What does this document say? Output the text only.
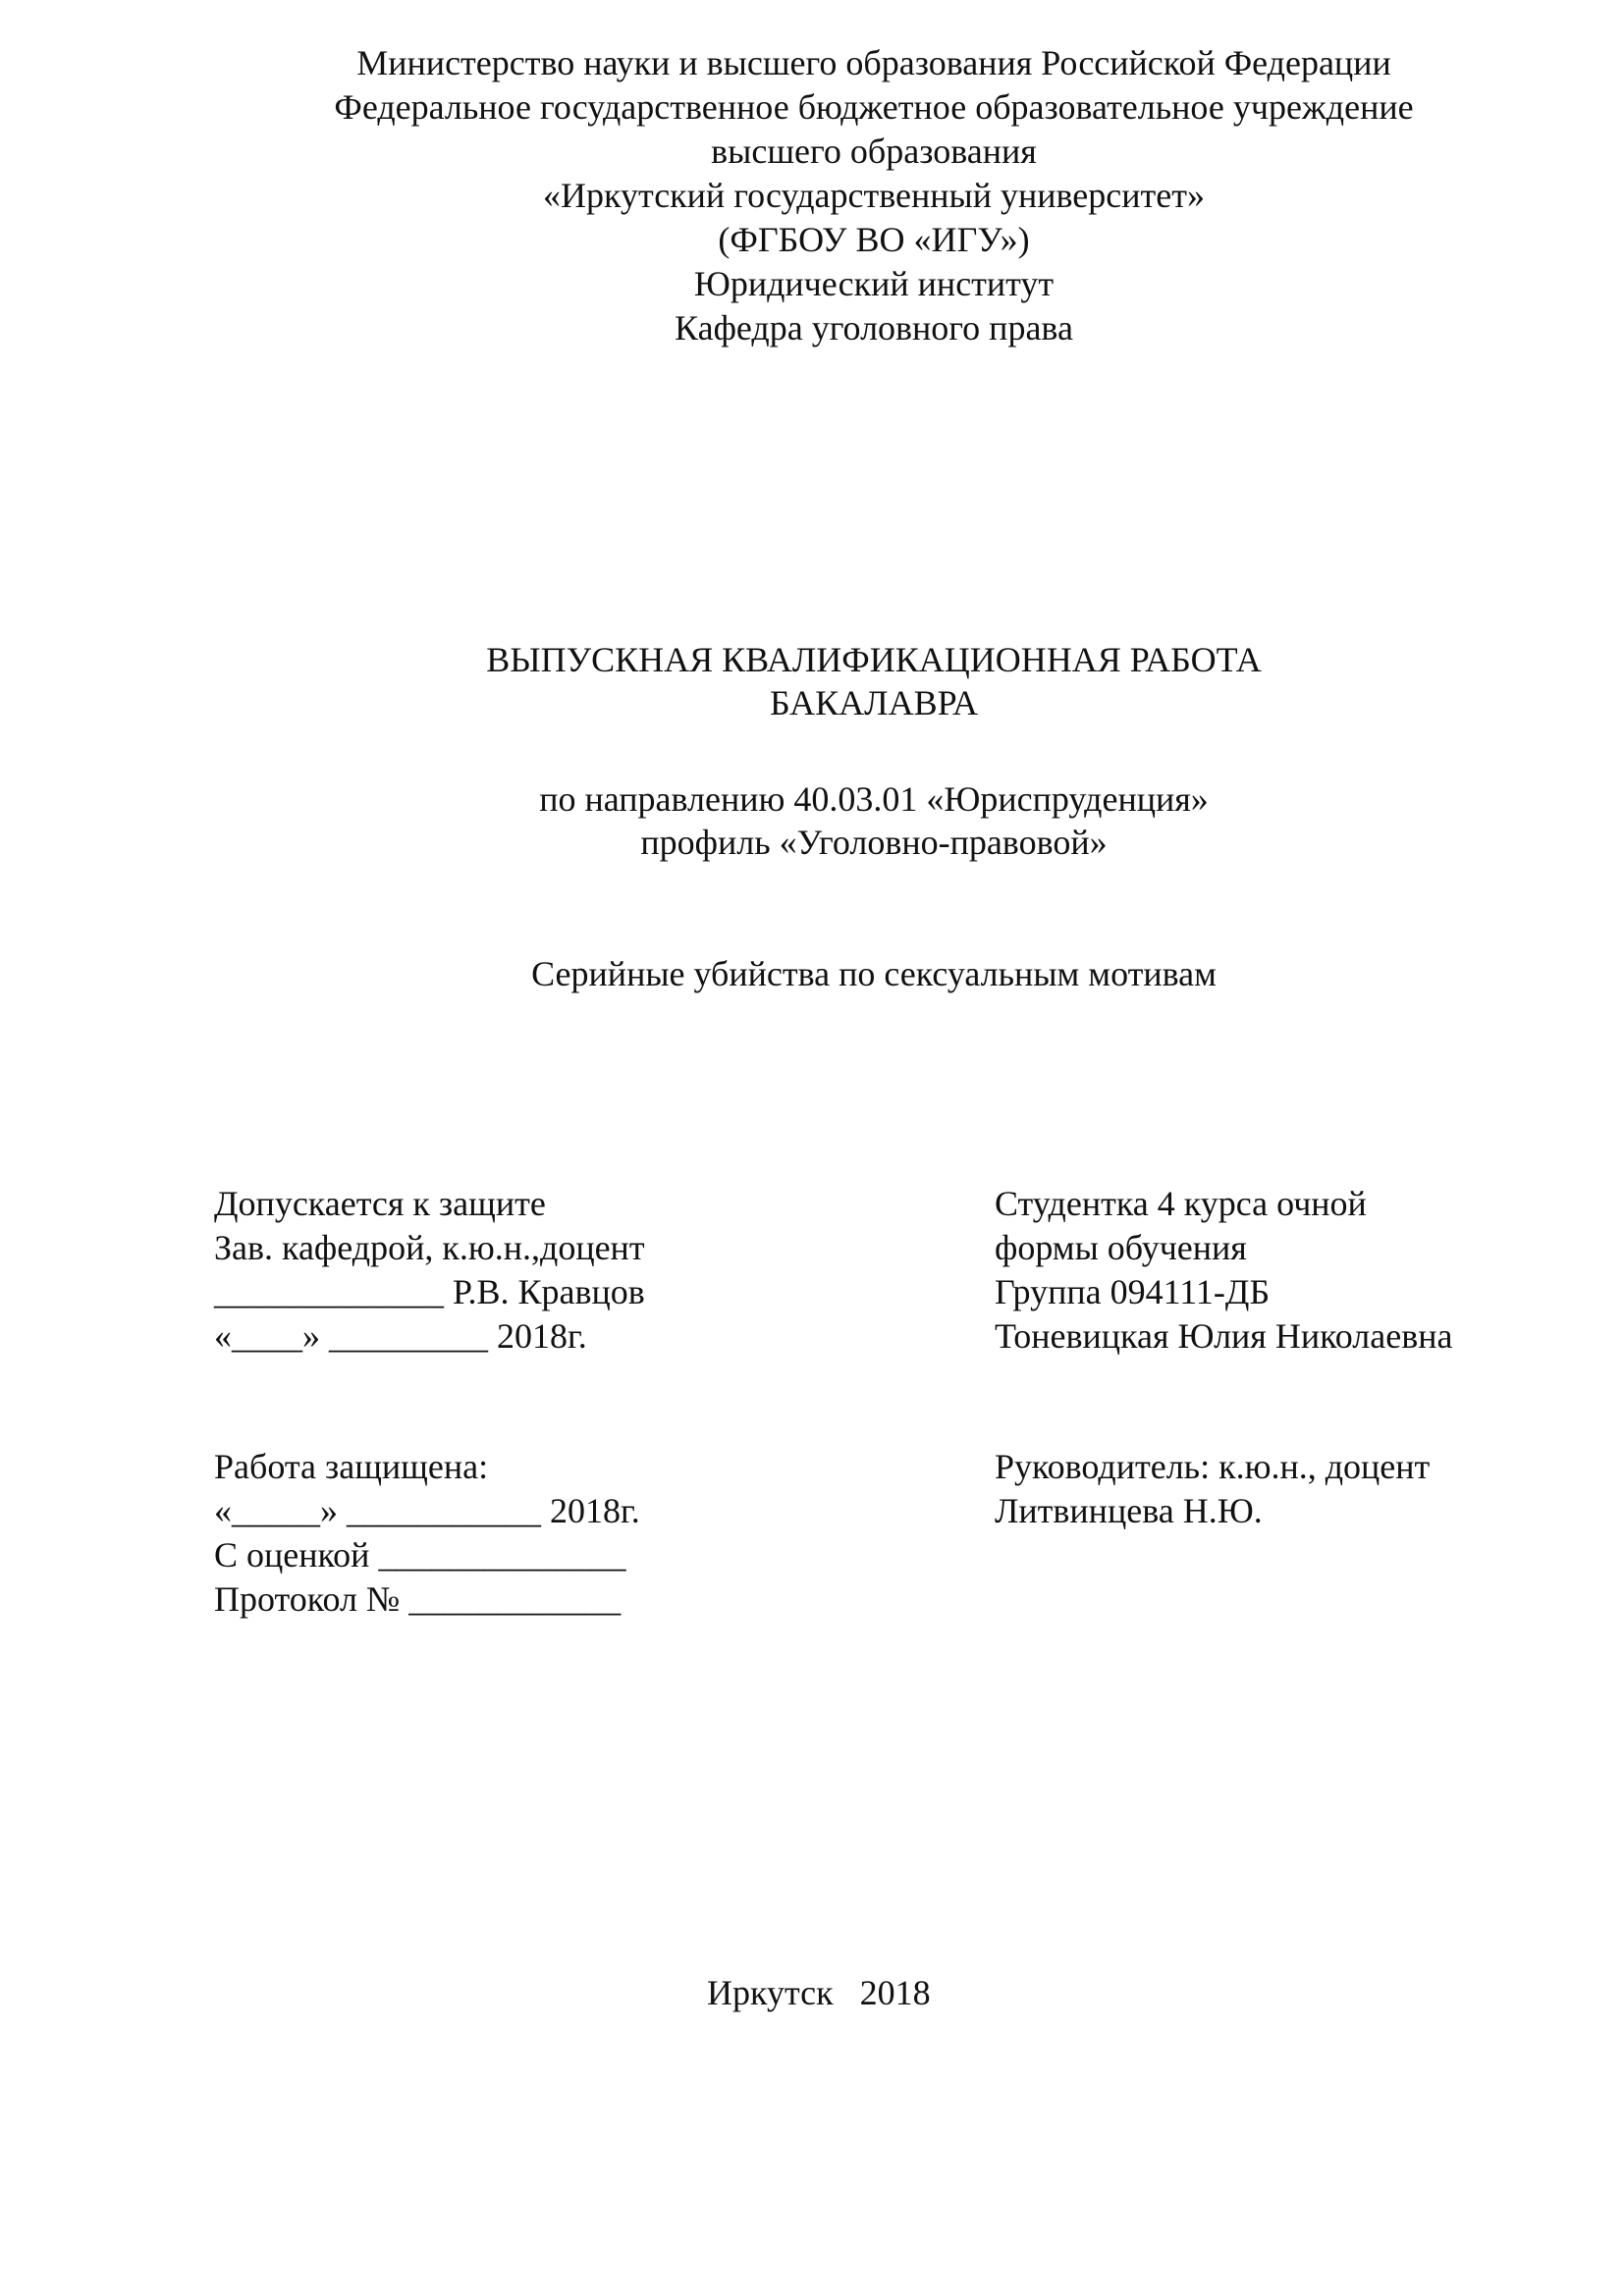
Министерство науки и высшего образования Российской Федерации
Федеральное государственное бюджетное образовательное учреждение
высшего образования
«Иркутский государственный университет»
(ФГБОУ ВО «ИГУ»)
Юридический институт
Кафедра уголовного права
ВЫПУСКНАЯ КВАЛИФИКАЦИОННАЯ РАБОТА
БАКАЛАВРА
по направлению 40.03.01 «Юриспруденция»
профиль «Уголовно-правовой»
Серийные убийства по сексуальным мотивам
Допускается к защите
Зав. кафедрой, к.ю.н.,доцент
_____________ Р.В. Кравцов
«____» _________ 2018г.
Студентка 4 курса очной
формы обучения
Группа 094111-ДБ
Тоневицкая Юлия Николаевна
Работа защищена:
«_____» ___________ 2018г.
С оценкой ______________
Протокол № ____________
Руководитель: к.ю.н., доцент
Литвинцева Н.Ю.
Иркутск   2018
